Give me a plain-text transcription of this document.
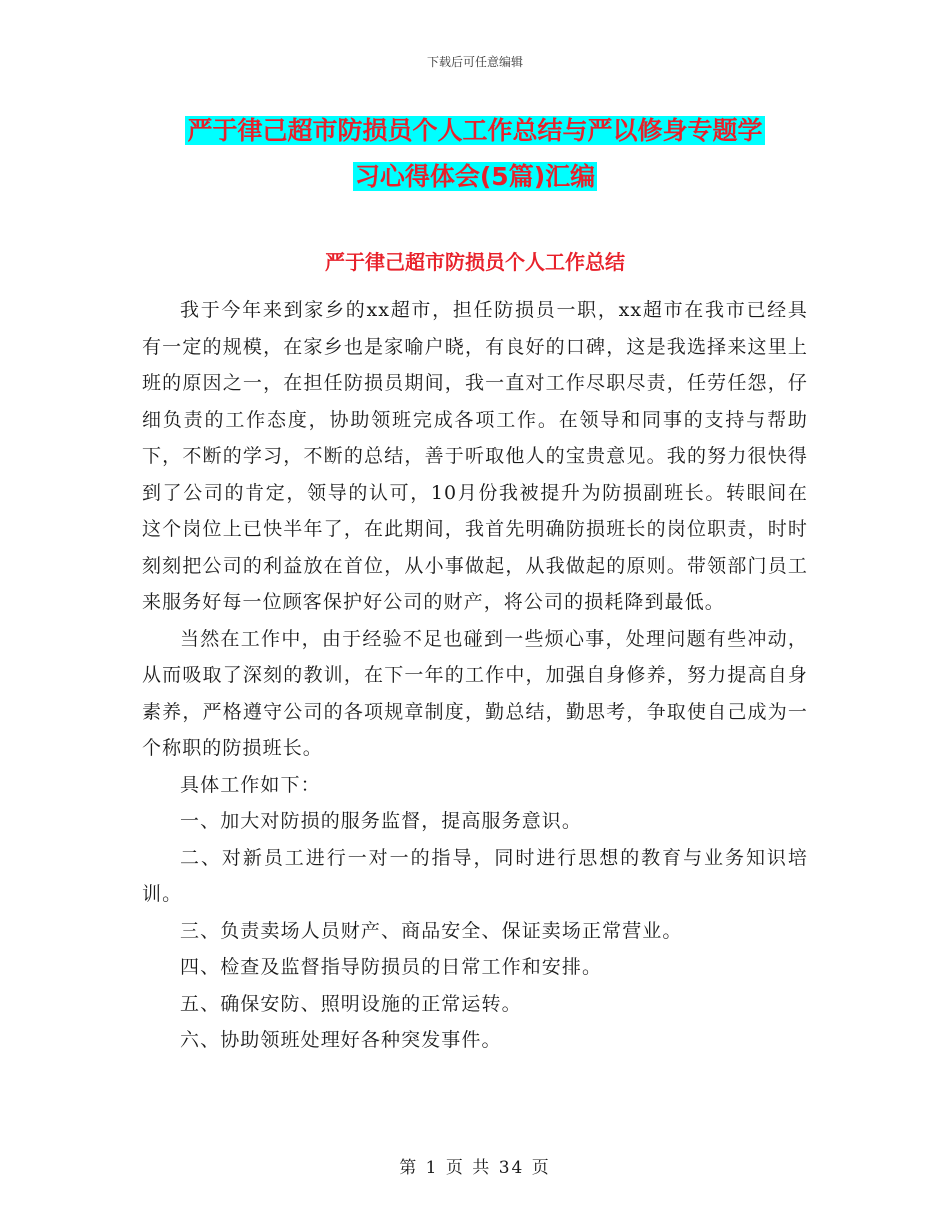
下载后可任意编辑
严于律己超市防损员个人工作总结与严以修身专题学
习心得体会(5篇)汇编
严于律己超市防损员个人工作总结

我于今年来到家乡的xx超市，担任防损员一职，xx超市在我市已经具有一定的规模，在家乡也是家喻户晓，有良好的口碑，这是我选择来这里上班的原因之一，在担任防损员期间，我一直对工作尽职尽责，任劳任怨，仔细负责的工作态度，协助领班完成各项工作。在领导和同事的支持与帮助下，不断的学习，不断的总结，善于听取他人的宝贵意见。我的努力很快得到了公司的肯定，领导的认可，10月份我被提升为防损副班长。转眼间在这个岗位上已快半年了，在此期间，我首先明确防损班长的岗位职责，时时刻刻把公司的利益放在首位，从小事做起，从我做起的原则。带领部门员工来服务好每一位顾客保护好公司的财产，将公司的损耗降到最低。

当然在工作中，由于经验不足也碰到一些烦心事，处理问题有些冲动，从而吸取了深刻的教训，在下一年的工作中，加强自身修养，努力提高自身素养，严格遵守公司的各项规章制度，勤总结，勤思考，争取使自己成为一个称职的防损班长。

具体工作如下：

一、加大对防损的服务监督，提高服务意识。

二、对新员工进行一对一的指导，同时进行思想的教育与业务知识培训。

三、负责卖场人员财产、商品安全、保证卖场正常营业。

四、检查及监督指导防损员的日常工作和安排。

五、确保安防、照明设施的正常运转。

六、协助领班处理好各种突发事件。

第 1 页 共 34 页
